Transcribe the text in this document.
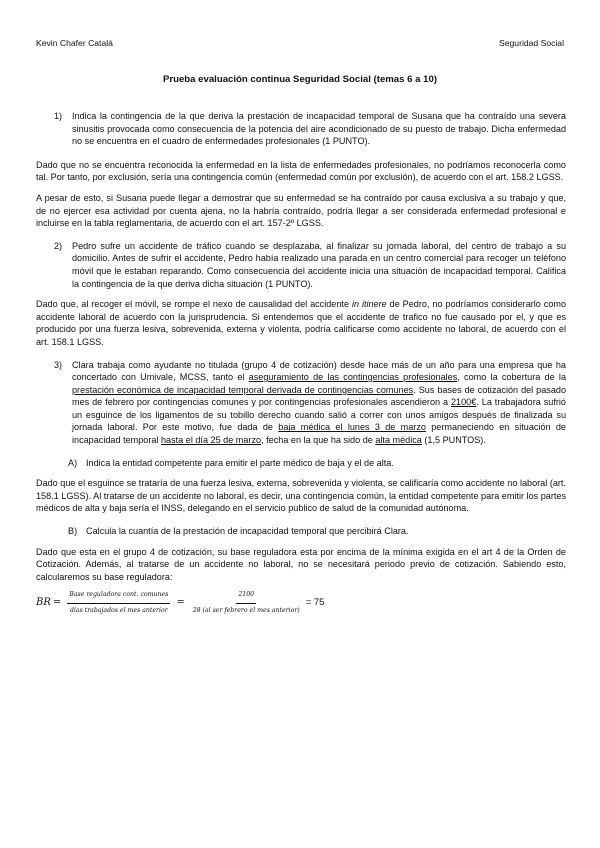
Kevin Chafer Catalá	Seguridad Social
Prueba evaluación continua Seguridad Social (temas 6 a 10)

1) Indica la contingencia de la que deriva la prestación de incapacidad temporal de Susana que ha contraído una severa sinusitis provocada como consecuencia de la potencia del aire acondicionado de su puesto de trabajo. Dicha enfermedad no se encuentra en el cuadro de enfermedades profesionales (1 PUNTO).

Dado que no se encuentra reconocida la enfermedad en la lista de enfermedades profesionales, no podríamos reconocerla como tal. Por tanto, por exclusión, sería una contingencia común (enfermedad común por exclusión), de acuerdo con el art. 158.2 LGSS.

A pesar de esto, si Susana puede llegar a demostrar que su enfermedad se ha contraído por causa exclusiva a su trabajo y que, de no ejercer esa actividad por cuenta ajena, no la habría contraído, podría llegar a ser considerada enfermedad profesional e incluirse en la tabla reglamentaria, de acuerdo con el art. 157-2º LGSS.

2) Pedro sufre un accidente de tráfico cuando se desplazaba, al finalizar su jornada laboral, del centro de trabajo a su domicilio. Antes de sufrir el accidente, Pedro había realizado una parada en un centro comercial para recoger un teléfono móvil que le estaban reparando. Como consecuencia del accidente inicia una situación de incapacidad temporal. Califica la contingencia de la que deriva dicha situación (1 PUNTO).

Dado que, al recoger el móvil, se rompe el nexo de causalidad del accidente in itinere de Pedro, no podríamos considerarlo como accidente laboral de acuerdo con la jurisprudencia. Si entendemos que el accidente de trafico no fue causado por el, y que es producido por una fuerza lesiva, sobrevenida, externa y violenta, podría calificarse como accidente no laboral, de acuerdo con el art. 158.1 LGSS.

3) Clara trabaja como ayudante no titulada (grupo 4 de cotización) desde hace más de un año para una empresa que ha concertado con Umivale, MCSS, tanto el aseguramiento de las contingencias profesionales, como la cobertura de la prestación económica de incapacidad temporal derivada de contingencias comunes. Sus bases de cotización del pasado mes de febrero por contingencias comunes y por contingencias profesionales ascendieron a 2100€. La trabajadora sufrió un esguince de los ligamentos de su tobillo derecho cuando salió a correr con unos amigos después de finalizada su jornada laboral. Por este motivo, fue dada de baja médica el lunes 3 de marzo permaneciendo en situación de incapacidad temporal hasta el día 25 de marzo, fecha en la que ha sido de alta médica (1,5 PUNTOS).

A) Indica la entidad competente para emitir el parte médico de baja y el de alta.

Dado que el esguince se trataría de una fuerza lesiva, externa, sobrevenida y violenta, se calificaría como accidente no laboral (art. 158.1 LGSS). Al tratarse de un accidente no laboral, es decir, una contingencia común, la entidad competente para emitir los partes médicos de alta y baja sería el INSS, delegando en el servicio publico de salud de la comunidad autónoma.

B) Calcula la cuantía de la prestación de incapacidad temporal que percibirá Clara.

Dado que esta en el grupo 4 de cotización, su base reguladora esta por encima de la mínima exigida en el art 4 de la Orden de Cotización. Además, al tratarse de un accidente no laboral, no se necesitará periodo previo de cotización. Sabiendo esto, calcularemos su base reguladora:

BR = $\frac{\text{Base reguladora cont. comunes}}{\text{días trabajados el mes anterior}} = \frac{2100}{\text{28 (al ser febrero el mes anterior)}} = 75$
